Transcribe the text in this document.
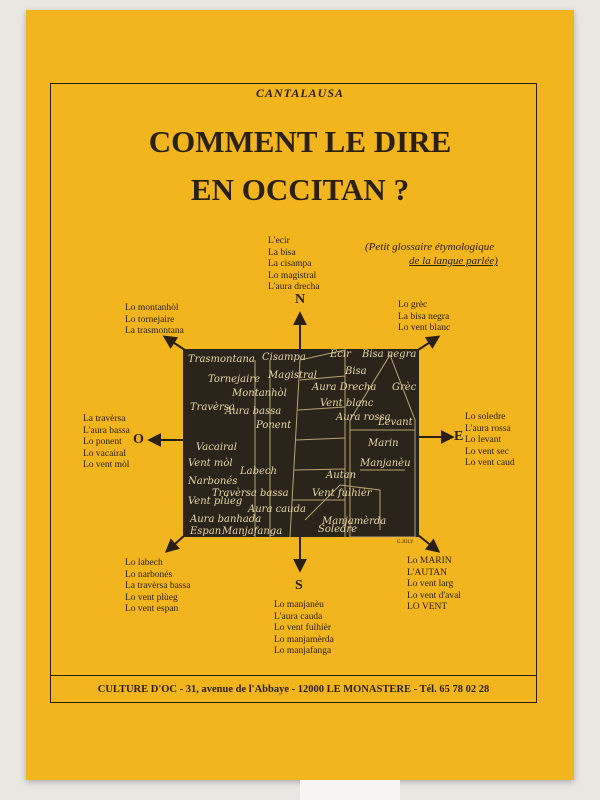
CANTALAUSA
COMMENT LE DIRE
EN OCCITAN ?
(Petit glossaire étymologique
de la langue parlée)
Trasmontana Cisampa
Tornejaire Magistral
Montanhòl
Aura Drecha
Ecir Bisa negra
Bisa
Grèc
Travèrsa
Aura bassa
Ponent
Vacairal
Aura rossa
Levant
Vent blanc
Vent mòl
Labech
Narbonés
Travèrsa bassa
Vent plùeg
Aura banhada
Aura cauda
Espan Manjafanga
Autan
Vent fulhièr
Manjamèrda
Soledre
Marin
Manjanèu
G.JOLY
N
S
E
O
L'ecir
La bisa
La cisampa
Lo magistral
L'aura drecha
Lo montanhòl
Lo tornejaire
La trasmontana
Lo grèc
La bisa negra
Lo vent blanc
La travèrsa
L'aura bassa
Lo ponent
Lo vacairal
Lo vent mòl
Lo soledre
L'aura rossa
Lo levant
Lo vent sec
Lo vent caud
Lo labech
Lo narbonés
La travèrsa bassa
Lo vent plùeg
Lo vent espan	Lo manjanèu
L'aura cauda
Lo vent fulhièr
Lo manjamèrda
Lo manjafanga
Lo MARIN
L'AUTAN
Lo vent larg
Lo vent d'aval
LO VENT
CULTURE D'OC - 31, avenue de l'Abbaye - 12000 LE MONASTERE - Tél. 65 78 02 28
